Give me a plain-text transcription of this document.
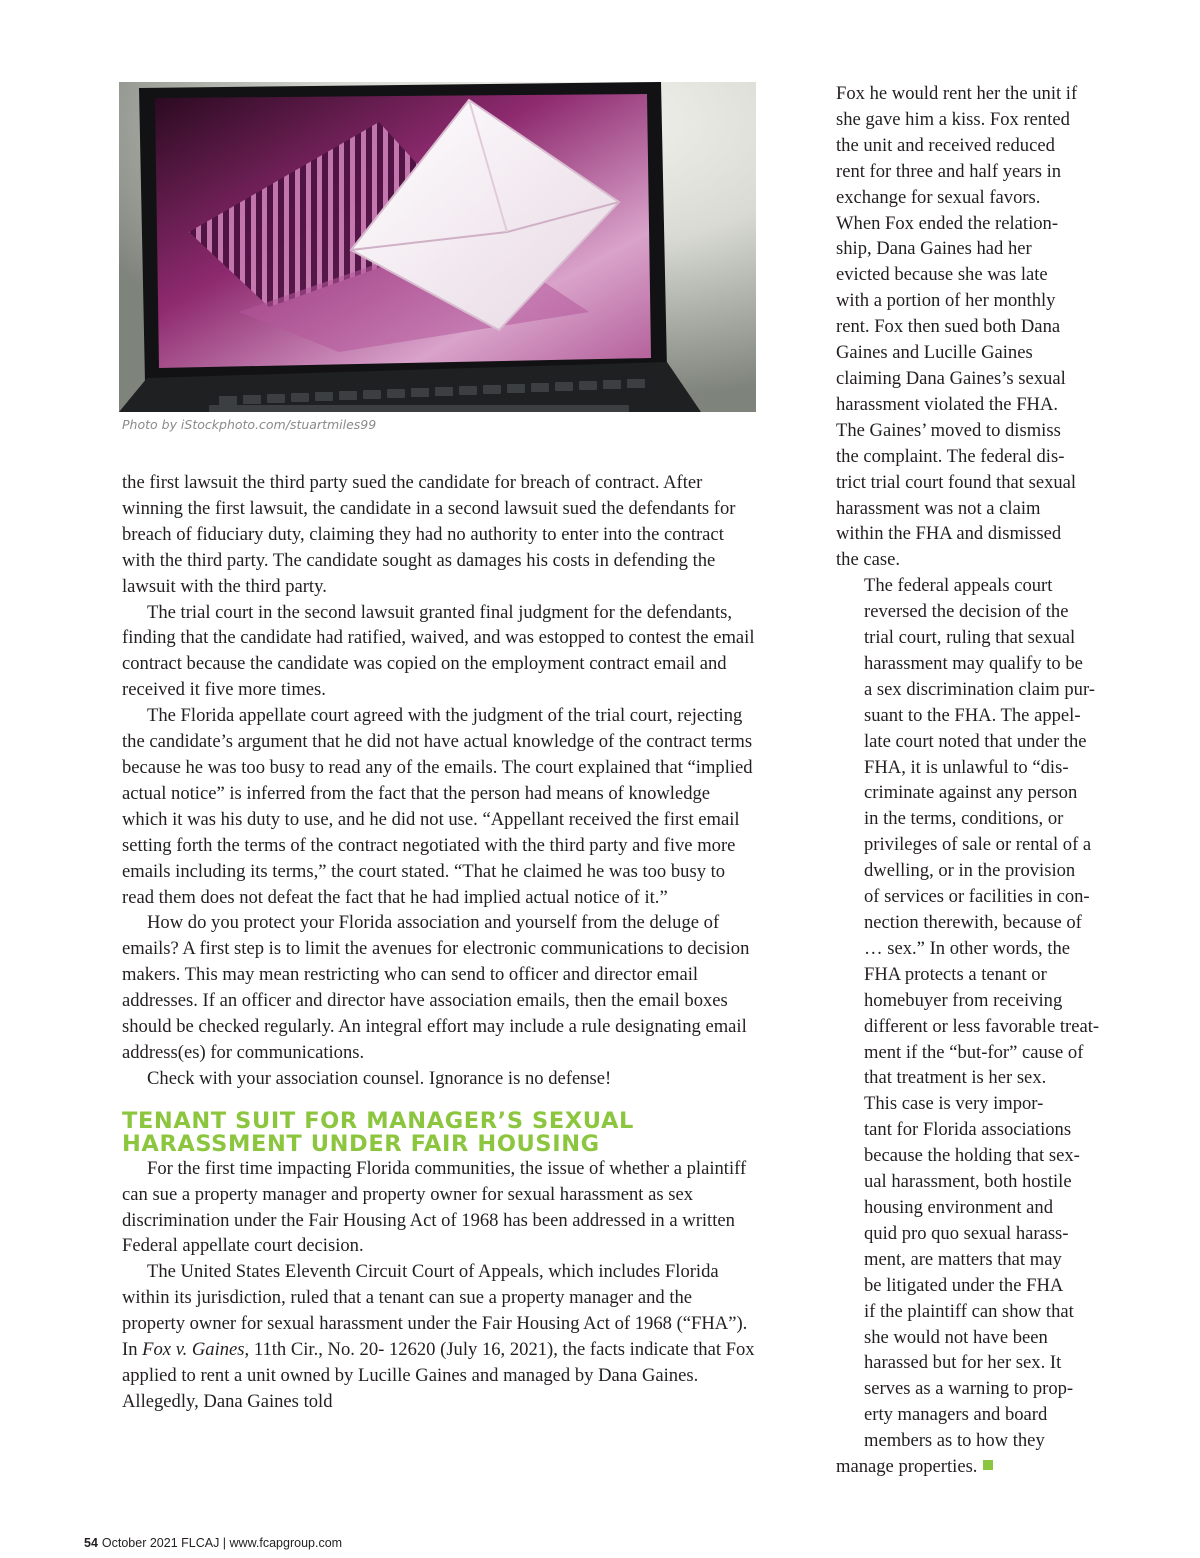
Photo by iStockphoto.com/stuartmiles99

the first lawsuit the third party sued the candidate for breach of contract. After winning the first lawsuit, the candidate in a second lawsuit sued the defendants for breach of fiduciary duty, claiming they had no authority to enter into the contract with the third party. The candidate sought as damages his costs in defending the lawsuit with the third party.

The trial court in the second lawsuit granted final judgment for the defendants, finding that the candidate had ratified, waived, and was estopped to contest the email contract because the candidate was copied on the employment contract email and received it five more times.

The Florida appellate court agreed with the judgment of the trial court, rejecting the candidate’s argument that he did not have actual knowledge of the contract terms because he was too busy to read any of the emails. The court explained that “implied actual notice” is inferred from the fact that the person had means of knowledge which it was his duty to use, and he did not use. “Appellant received the first email setting forth the terms of the contract negotiated with the third party and five more emails including its terms,” the court stated. “That he claimed he was too busy to read them does not defeat the fact that he had implied actual notice of it.”

How do you protect your Florida association and yourself from the deluge of emails? A first step is to limit the avenues for electronic communications to decision makers. This may mean restricting who can send to officer and director email addresses. If an officer and director have association emails, then the email boxes should be checked regularly. An integral effort may include a rule designating email address(es) for communications.

Check with your association counsel. Ignorance is no defense!

TENANT SUIT FOR MANAGER’S SEXUAL
HARASSMENT UNDER FAIR HOUSING

For the first time impacting Florida communities, the issue of whether a plaintiff can sue a property manager and property owner for sexual harassment as sex discrimination under the Fair Housing Act of 1968 has been addressed in a written Federal appellate court decision.

The United States Eleventh Circuit Court of Appeals, which includes Florida within its jurisdiction, ruled that a tenant can sue a property manager and the property owner for sexual harassment under the Fair Housing Act of 1968 (“FHA”). In Fox v. Gaines, 11th Cir., No. 20- 12620 (July 16, 2021), the facts indicate that Fox applied to rent a unit owned by Lucille Gaines and managed by Dana Gaines. Allegedly, Dana Gaines told

Fox he would rent her the unit if
she gave him a kiss. Fox rented
the unit and received reduced
rent for three and half years in
exchange for sexual favors.
When Fox ended the relation-
ship, Dana Gaines had her
evicted because she was late
with a portion of her monthly
rent. Fox then sued both Dana
Gaines and Lucille Gaines
claiming Dana Gaines’s sexual
harassment violated the FHA.
The Gaines’ moved to dismiss
the complaint. The federal dis-
trict trial court found that sexual
harassment was not a claim
within the FHA and dismissed
the case.

The federal appeals court
reversed the decision of the
trial court, ruling that sexual
harassment may qualify to be
a sex discrimination claim pur-
suant to the FHA. The appel-
late court noted that under the
FHA, it is unlawful to “dis-
criminate against any person
in the terms, conditions, or
privileges of sale or rental of a
dwelling, or in the provision
of services or facilities in con-
nection therewith, because of
… sex.” In other words, the
FHA protects a tenant or
homebuyer from receiving
different or less favorable treat-
ment if the “but-for” cause of
that treatment is her sex.

This case is very impor-
tant for Florida associations
because the holding that sex-
ual harassment, both hostile
housing environment and
quid pro quo sexual harass-
ment, are matters that may
be litigated under the FHA
if the plaintiff can show that
she would not have been
harassed but for her sex. It
serves as a warning to prop-
erty managers and board
members as to how they
manage properties.

54 October 2021 FLCAJ | www.fcapgroup.com
